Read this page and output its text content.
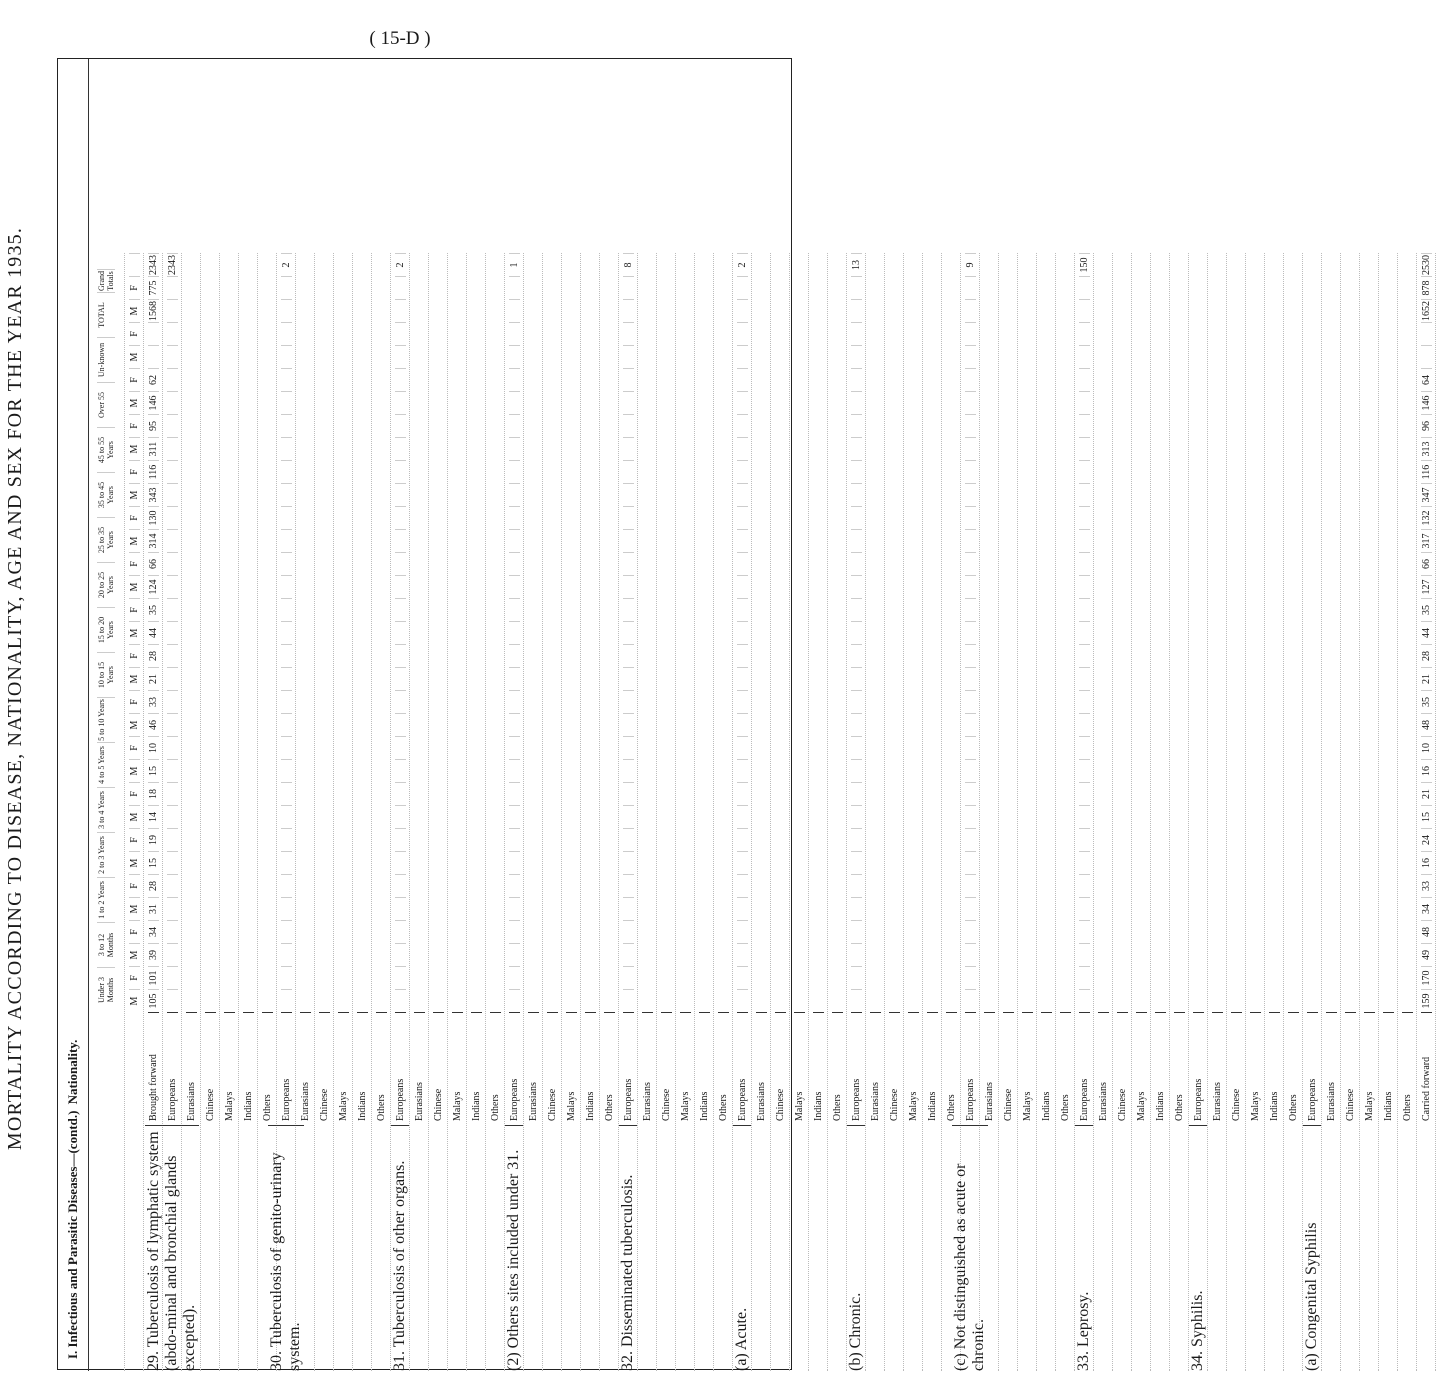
( 15-D )
MORTALITY ACCORDING TO DISEASE, NATIONALITY, AGE AND SEX FOR THE YEAR 1935.
I. Infectious and Parasitic Diseases—(contd.)
Nationality.
Under 3 Months
3 to 12 Months
1 to 2 Years
2 to 3 Years
3 to 4 Years
4 to 5 Years
5 to 10 Years
10 to 15 Years
15 to 20 Years
20 to 25 Years
25 to 35 Years
35 to 45 Years
45 to 55 Years
Over 55
Un-known
TOTAL
Grand Totals
M
F
M
F
M
F
M
F
M
F
M
F
M
F
M
F
M
F
M
F
M
F
M
F
M
F
M
F
M
F
M
F
Brought forward
105
101
39
34
31
28
15
19
14
18
15
10
46
33
21
28
44
35
124
66
314
130
343
116
311
95
146
62
1568
775
2343
29. Tuberculosis of lymphatic system (abdo-minal and bronchial glands excepted).
Europeans
2343
Eurasians Chinese Malays Indians Others
30. Tuberculosis of genito-urinary system.
Europeans
2
Eurasians Chinese Malays Indians Others
31. Tuberculosis of other organs.
Europeans
2
Eurasians Chinese Malays Indians Others
(2) Others sites included under 31.
Europeans
1
Eurasians Chinese Malays Indians Others
32. Disseminated tuberculosis.
Europeans
8
Eurasians Chinese Malays Indians Others
(a) Acute.
Europeans
2
Eurasians Chinese Malays Indians Others
(b) Chronic.
Europeans
13
Eurasians Chinese Malays Indians Others
(c) Not distinguished as acute or chronic.
Europeans
9
Eurasians Chinese Malays Indians Others
33. Leprosy.
Europeans
150
Eurasians Chinese Malays Indians Others
34. Syphilis.
Europeans Eurasians Chinese Malays Indians Others
(a) Congenital Syphilis
Europeans Eurasians Chinese Malays Indians Others Carried forward
159
170
49
48
34
33
16
24
15
21
16
10
48
35
21
28
44
35
127
66
317
132
347
116
313
96
146
64
1652
878
2530
